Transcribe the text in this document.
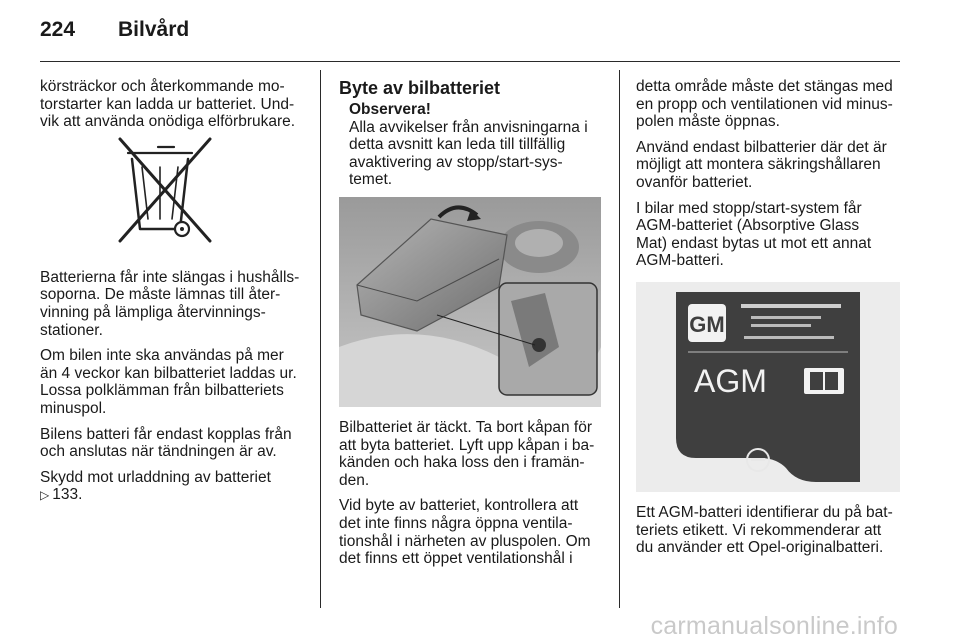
224 Bilvård

körsträckor och återkommande mo-
torstarter kan ladda ur batteriet. Und-
vik att använda onödiga elförbrukare.

Batterierna får inte slängas i hushålls-
soporna. De måste lämnas till åter-
vinning på lämpliga återvinnings-
stationer.

Om bilen inte ska användas på mer
än 4 veckor kan bilbatteriet laddas ur.
Lossa polklämman från bilbatteriets
minuspol.

Bilens batteri får endast kopplas från
och anslutas när tändningen är av.

Skydd mot urladdning av batteriet
▷ 133.

Byte av bilbatteriet
Observera!
Alla avvikelser från anvisningarna i
detta avsnitt kan leda till tillfällig
avaktivering av stopp/start-sys-
temet.

Bilbatteriet är täckt. Ta bort kåpan för
att byta batteriet. Lyft upp kåpan i ba-
känden och haka loss den i framän-
den.

Vid byte av batteriet, kontrollera att
det inte finns några öppna ventila-
tionshål i närheten av pluspolen. Om
det finns ett öppet ventilationshål i

detta område måste det stängas med
en propp och ventilationen vid minus-
polen måste öppnas.

Använd endast bilbatterier där det är
möjligt att montera säkringshållaren
ovanför batteriet.

I bilar med stopp/start-system får
AGM-batteriet (Absorptive Glass
Mat) endast bytas ut mot ett annat
AGM-batteri.

GM
AGM

Ett AGM-batteri identifierar du på bat-
teriets etikett. Vi rekommenderar att
du använder ett Opel-originalbatteri.

carmanualsonline.info
